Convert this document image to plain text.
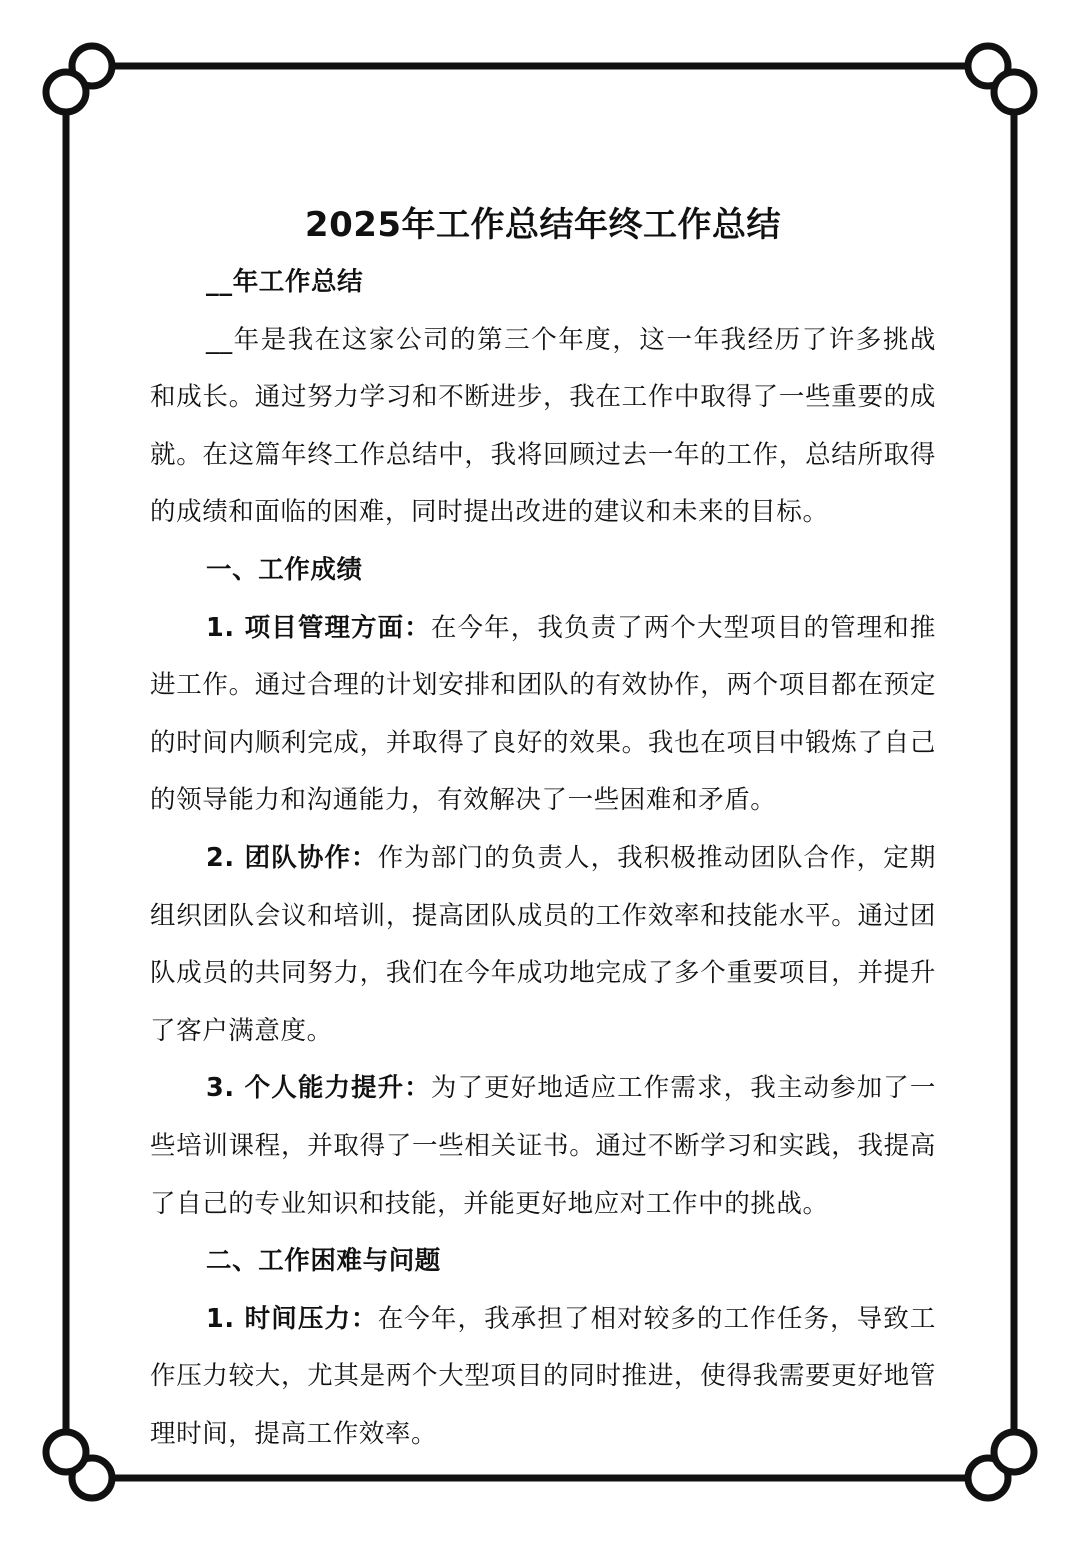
2025年工作总结年终工作总结

__年工作总结

__年是我在这家公司的第三个年度，这一年我经历了许多挑战和成长。通过努力学习和不断进步，我在工作中取得了一些重要的成就。在这篇年终工作总结中，我将回顾过去一年的工作，总结所取得的成绩和面临的困难，同时提出改进的建议和未来的目标。

一、工作成绩

1. 项目管理方面：在今年，我负责了两个大型项目的管理和推进工作。通过合理的计划安排和团队的有效协作，两个项目都在预定的时间内顺利完成，并取得了良好的效果。我也在项目中锻炼了自己的领导能力和沟通能力，有效解决了一些困难和矛盾。

2. 团队协作：作为部门的负责人，我积极推动团队合作，定期组织团队会议和培训，提高团队成员的工作效率和技能水平。通过团队成员的共同努力，我们在今年成功地完成了多个重要项目，并提升了客户满意度。

3. 个人能力提升：为了更好地适应工作需求，我主动参加了一些培训课程，并取得了一些相关证书。通过不断学习和实践，我提高了自己的专业知识和技能，并能更好地应对工作中的挑战。

二、工作困难与问题

1. 时间压力：在今年，我承担了相对较多的工作任务，导致工作压力较大，尤其是两个大型项目的同时推进，使得我需要更好地管理时间，提高工作效率。
